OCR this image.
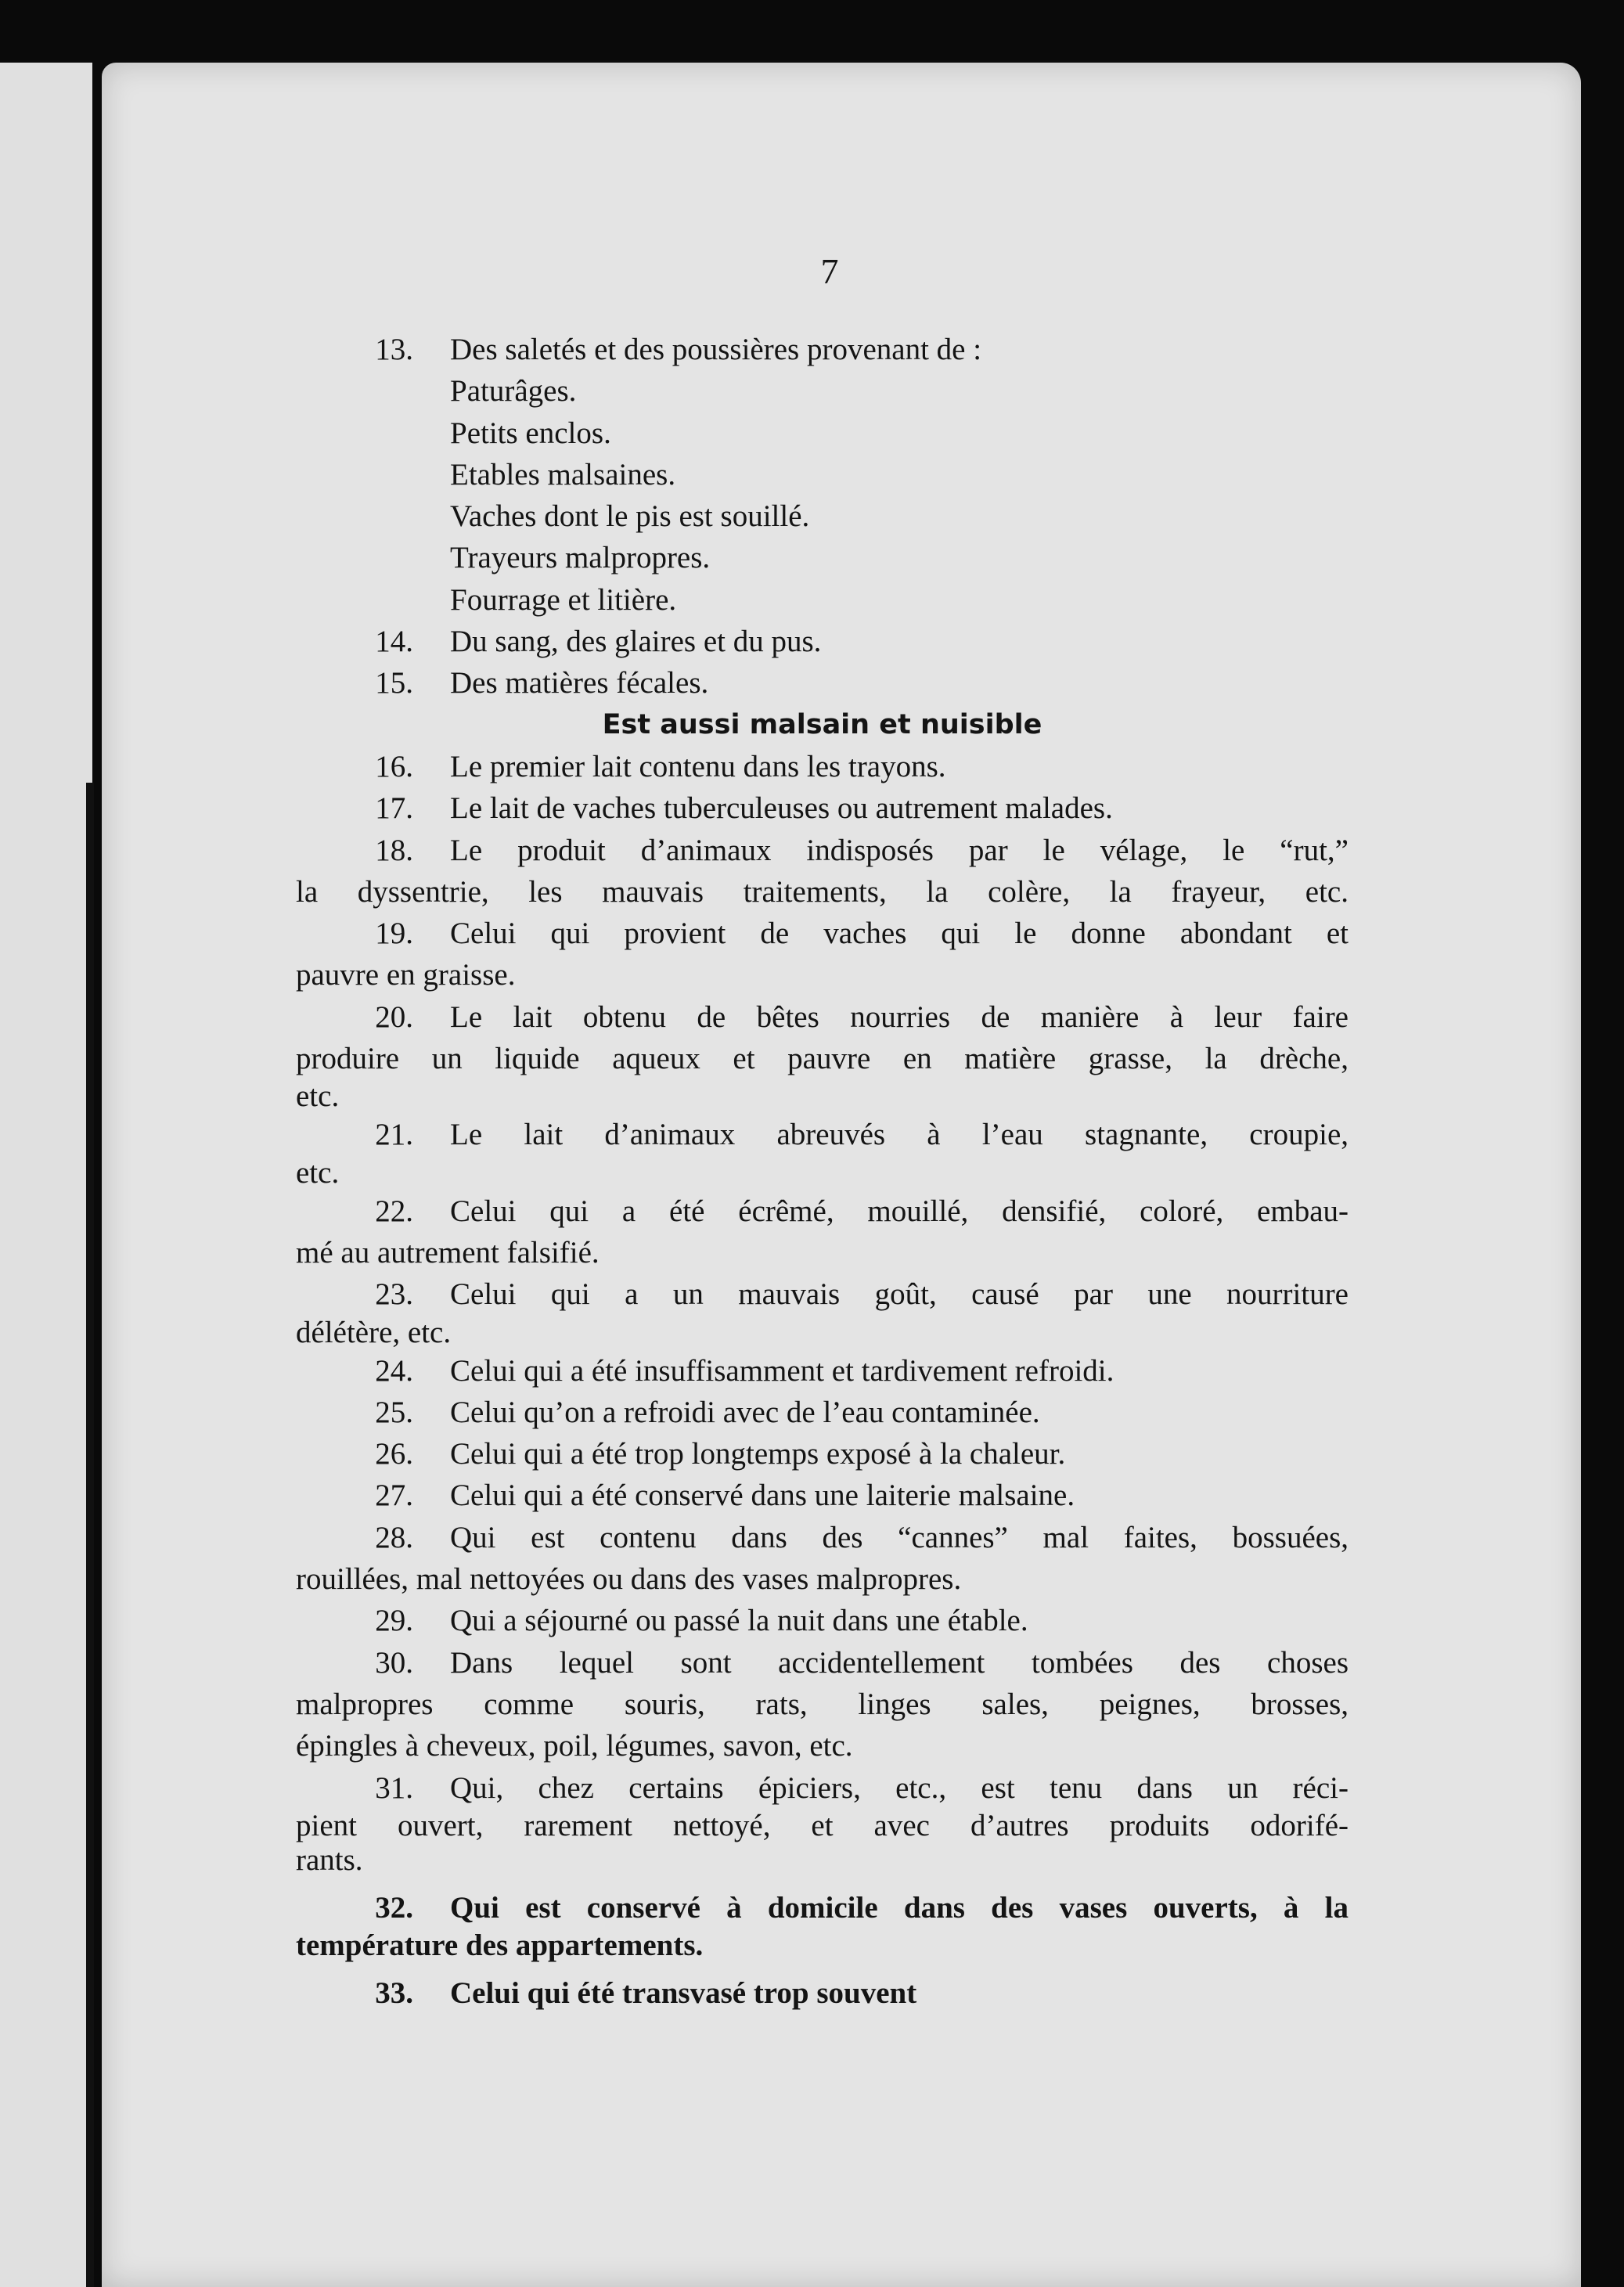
7
13. Des saletés et des poussières provenant de :
Paturâges.
Petits enclos.
Etables malsaines.
Vaches dont le pis est souillé.
Trayeurs malpropres.
Fourrage et litière.
14. Du sang, des glaires et du pus.
15. Des matières fécales.
Est aussi malsain et nuisible
16. Le premier lait contenu dans les trayons.
17. Le lait de vaches tuberculeuses ou autrement malades.
18. Le produit d’animaux indisposés par le vélage, le “rut,”
la dyssentrie, les mauvais traitements, la colère, la frayeur, etc.
19. Celui qui provient de vaches qui le donne abondant et
pauvre en graisse.
20. Le lait obtenu de bêtes nourries de manière à leur faire
produire un liquide aqueux et pauvre en matière grasse, la drèche,
etc.
21. Le lait d’animaux abreuvés à l’eau stagnante, croupie,
etc.
22. Celui qui a été écrêmé, mouillé, densifié, coloré, embau-
mé au autrement falsifié.
23. Celui qui a un mauvais goût, causé par une nourriture
délétère, etc.
24. Celui qui a été insuffisamment et tardivement refroidi.
25. Celui qu’on a refroidi avec de l’eau contaminée.
26. Celui qui a été trop longtemps exposé à la chaleur.
27. Celui qui a été conservé dans une laiterie malsaine.
28. Qui est contenu dans des “cannes” mal faites, bossuées,
rouillées, mal nettoyées ou dans des vases malpropres.
29. Qui a séjourné ou passé la nuit dans une étable.
30. Dans lequel sont accidentellement tombées des choses
malpropres comme souris, rats, linges sales, peignes, brosses,
épingles à cheveux, poil, légumes, savon, etc.
31. Qui, chez certains épiciers, etc., est tenu dans un réci-
pient ouvert, rarement nettoyé, et avec d’autres produits odorifé-
rants.
32. Qui est conservé à domicile dans des vases ouverts, à la
température des appartements.
33. Celui qui été transvasé trop souvent
